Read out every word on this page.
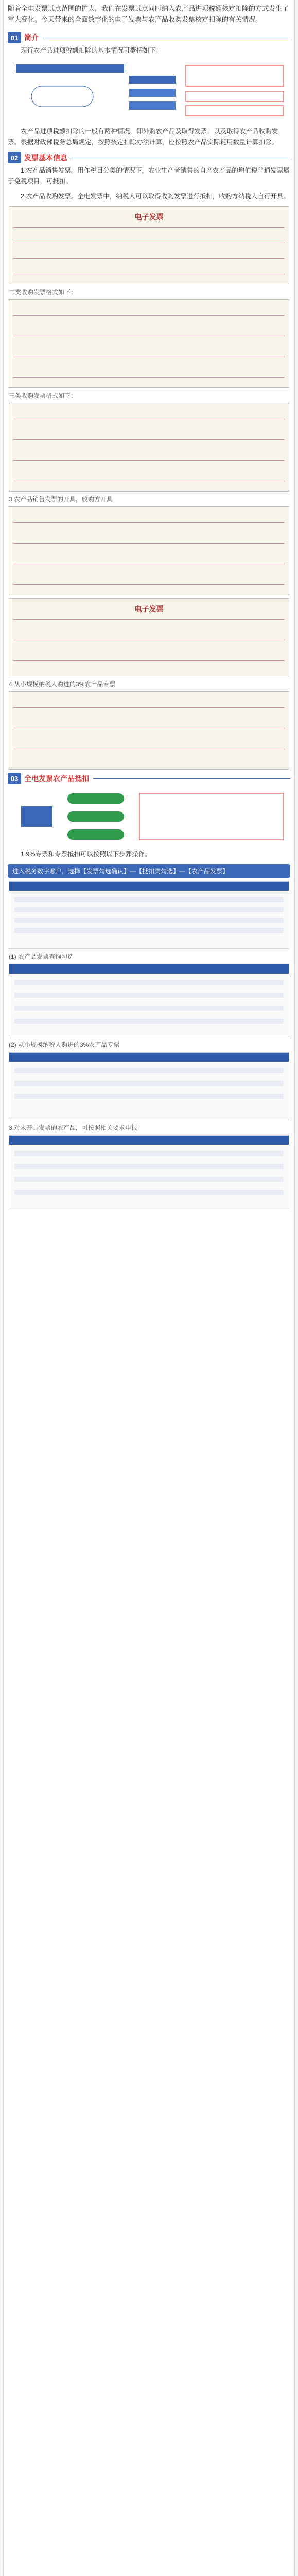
随着全电发票试点范围的扩大，我们在发票试点同时纳入农产品进项税额核定扣除的方式发生了重大变化。今天带来的全面数字化的电子发票与农产品收购发票核定扣除的有关情况。
01 简介

现行农产品进项税额扣除的基本情况可概括如下：

农产品进项税额扣除的一般有两种情况，即外购农产品及取得发票，以及取得农产品收购发票。根据财政部税务总局规定，按照核定扣除办法计算，应按照农产品实际耗用数量计算扣除。

02 发票基本信息

1.农产品销售发票。用作税目分类的情况下，农业生产者销售的自产农产品的增值税普通发票属于免税项目，可抵扣。

2.农产品收购发票。全电发票中，纳税人可以取得收购发票进行抵扣，收购方纳税人自行开具。

电子发票
二类收购发票格式如下：
三类收购发票格式如下：
3.农产品销售发票的开具，收购方开具
电子发票
4.从小规模纳税人购进的3%农产品专票
03 全电发票农产品抵扣

1.9%专票和专票抵扣可以按照以下步骤操作。

进入税务数字账户，选择【发票勾选确认】—【抵扣类勾选】—【农产品发票】
(1) 农产品发票查询勾选
(2) 从小规模纳税人购进的3%农产品专票
3.对未开具发票的农产品，可按照相关要求申报
